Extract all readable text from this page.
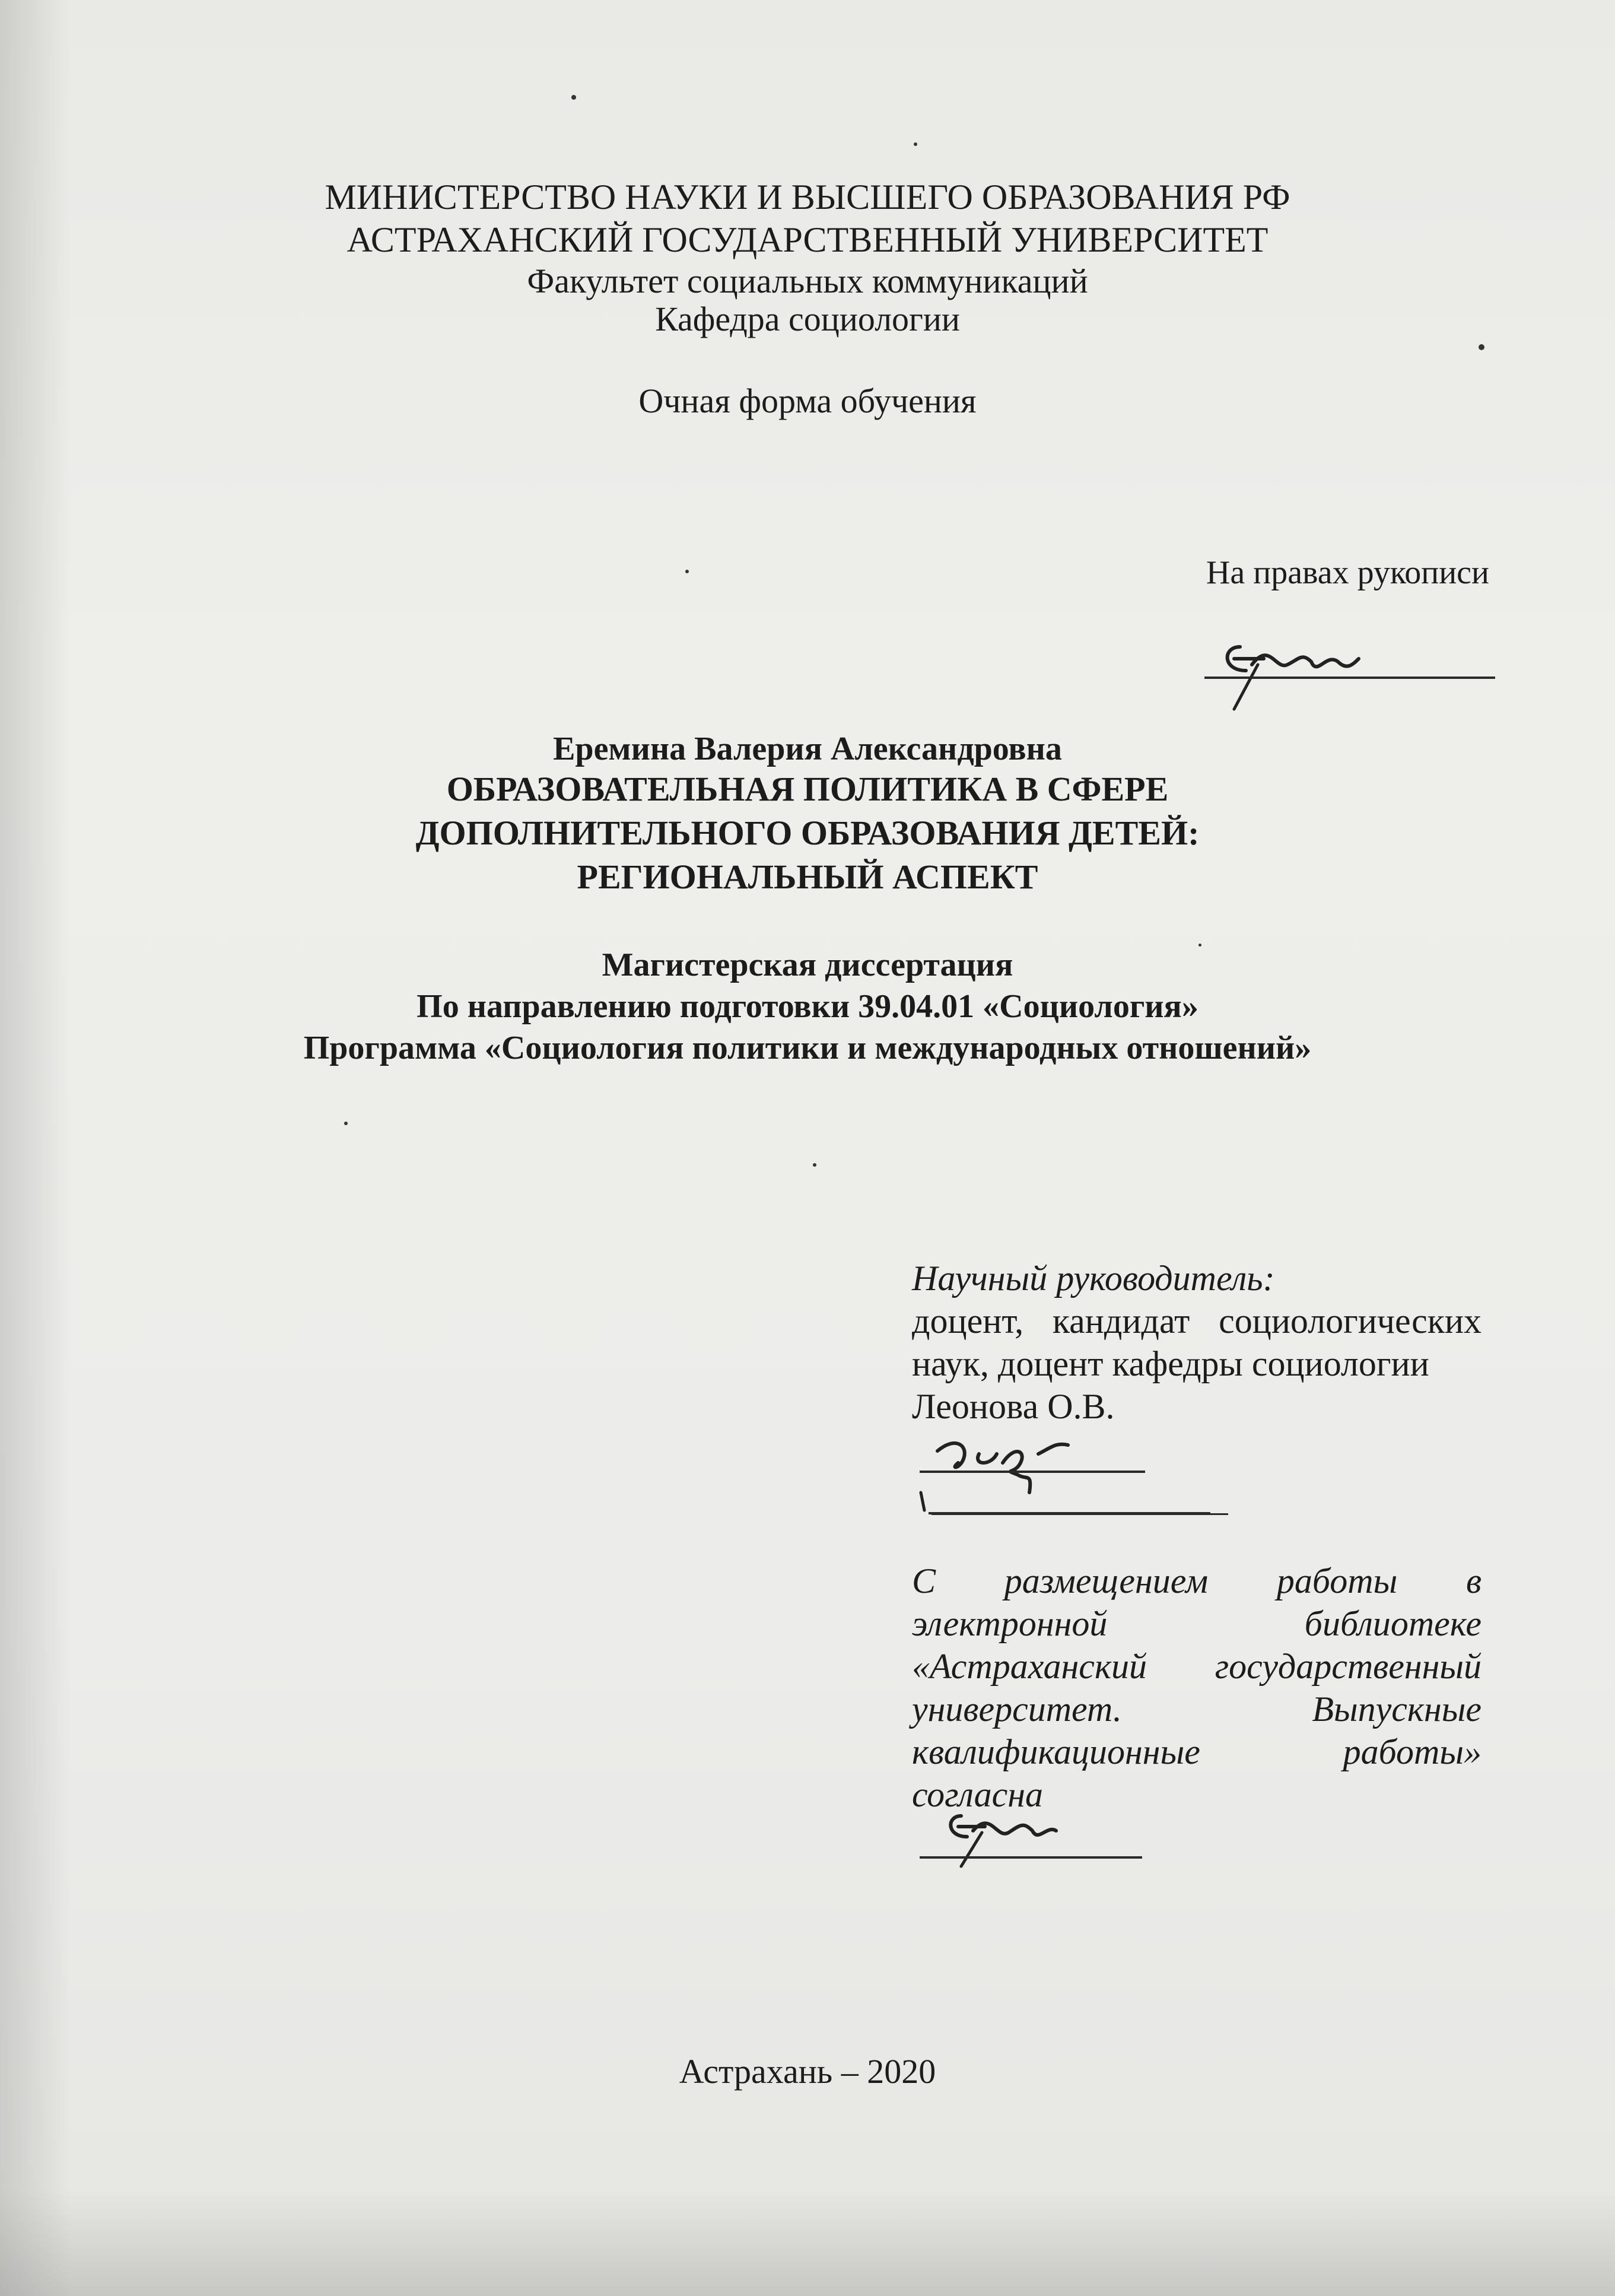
МИНИСТЕРСТВО НАУКИ И ВЫСШЕГО ОБРАЗОВАНИЯ РФ
АСТРАХАНСКИЙ ГОСУДАРСТВЕННЫЙ УНИВЕРСИТЕТ
Факультет социальных коммуникаций
Кафедра социологии
Очная форма обучения
На правах рукописи
Еремина Валерия Александровна
ОБРАЗОВАТЕЛЬНАЯ ПОЛИТИКА В СФЕРЕ
ДОПОЛНИТЕЛЬНОГО ОБРАЗОВАНИЯ ДЕТЕЙ:
РЕГИОНАЛЬНЫЙ АСПЕКТ
Магистерская диссертация
По направлению подготовки 39.04.01 «Социология»
Программа «Социология политики и международных отношений»
Научный руководитель:
доцент, кандидат социологических
наук, доцент кафедры социологии
Леонова О.В.
С размещением работы в
электронной библиотеке
«Астраханский государственный
университет. Выпускные
квалификационные работы»
согласна
Астрахань – 2020
